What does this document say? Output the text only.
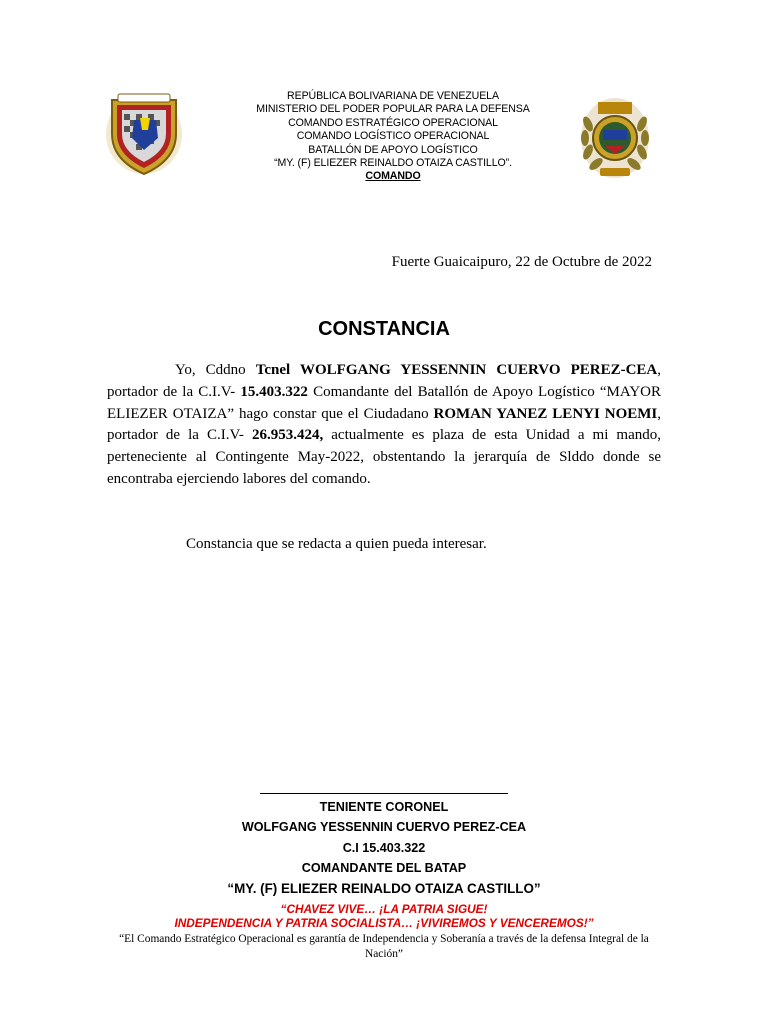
REPÚBLICA BOLIVARIANA DE VENEZUELA
MINISTERIO DEL PODER POPULAR PARA LA DEFENSA
COMANDO ESTRATÉGICO OPERACIONAL
COMANDO LOGÍSTICO OPERACIONAL
BATALLÓN DE APOYO LOGÍSTICO
“MY. (F) ELIEZER REINALDO OTAIZA CASTILLO”.
COMANDO
Fuerte Guaicaipuro, 22 de Octubre de 2022
CONSTANCIA
Yo, Cddno Tcnel WOLFGANG YESSENNIN CUERVO PEREZ-CEA, portador de la C.I.V- 15.403.322 Comandante del Batallón de Apoyo Logístico “MAYOR ELIEZER OTAIZA” hago constar que el Ciudadano ROMAN YANEZ LENYI NOEMI, portador de la C.I.V- 26.953.424, actualmente es plaza de esta Unidad a mi mando, perteneciente al Contingente May-2022, obstentando la jerarquía de Slddo donde se encontraba ejerciendo labores del comando.
Constancia que se redacta a quien pueda interesar.
TENIENTE CORONEL
WOLFGANG YESSENNIN CUERVO PEREZ-CEA
C.I 15.403.322
COMANDANTE DEL BATAP
“MY. (F) ELIEZER REINALDO OTAIZA CASTILLO”
“CHAVEZ VIVE… ¡LA PATRIA SIGUE!
INDEPENDENCIA Y PATRIA SOCIALISTA… ¡VIVIREMOS Y VENCEREMOS!”
“El Comando Estratégico Operacional es garantía de Independencia y Soberanía a través de la defensa Integral de la Nación”
